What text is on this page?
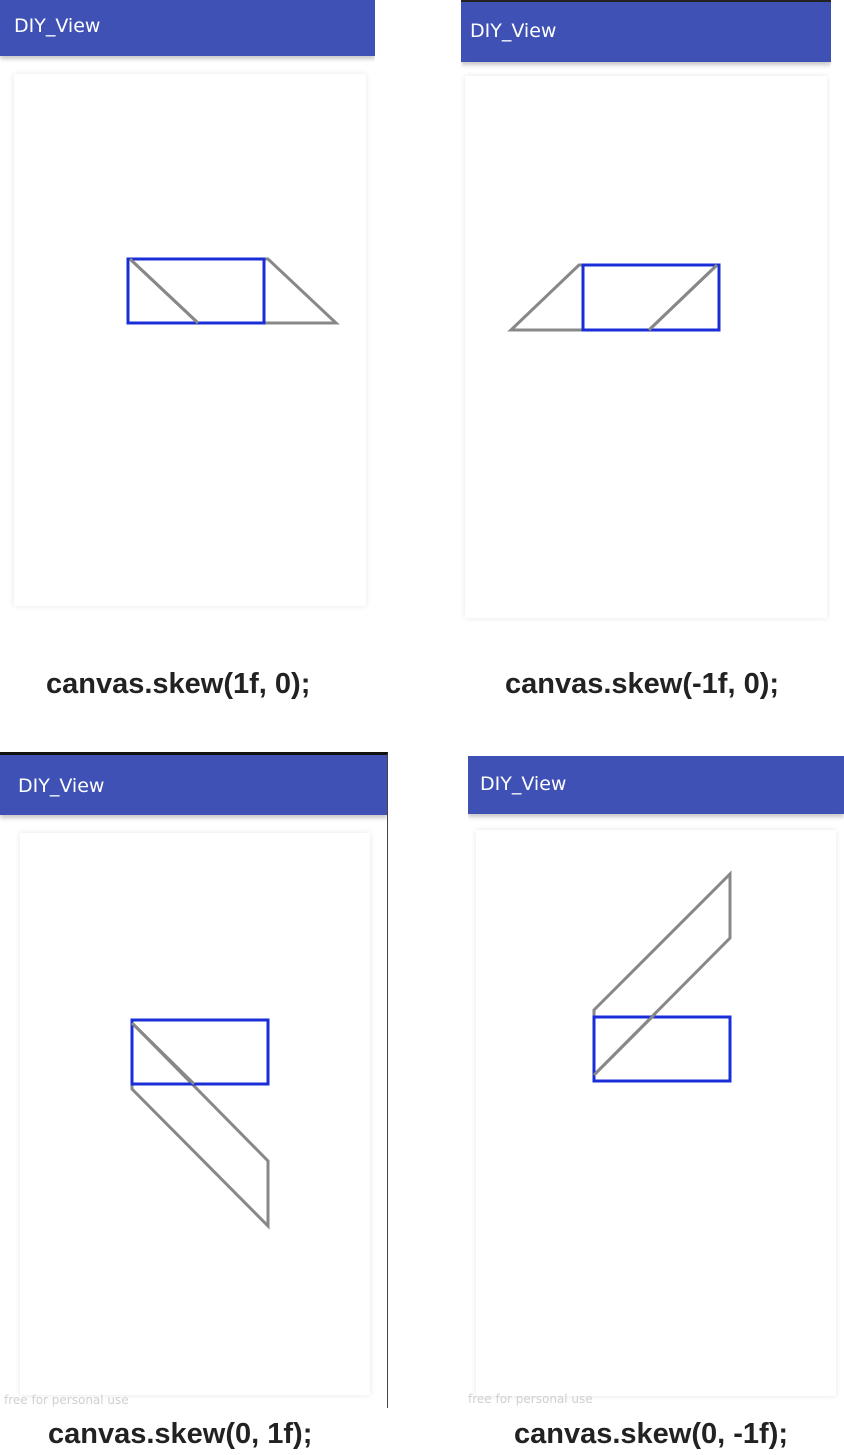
DIY_View
canvas.skew(1f, 0);
DIY_View
canvas.skew(-1f, 0);
DIY_View
free for personal use
canvas.skew(0, 1f);
DIY_View
free for personal use
canvas.skew(0, -1f);
